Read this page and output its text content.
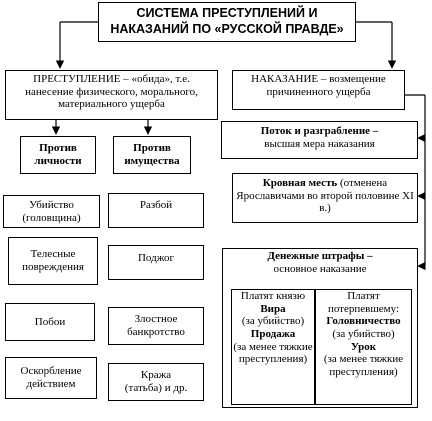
СИСТЕМА ПРЕСТУПЛЕНИЙ И
НАКАЗАНИЙ ПО «РУССКОЙ ПРАВДЕ»
ПРЕСТУПЛЕНИЕ – «обида», т.е. нанесение физического, морального, материального ущерба
НАКАЗАНИЕ – возмещение причиненного ущерба
Против
личности
Против
имущества
Убийство
(головщина)
Телесные
повреждения
Побои
Оскорбление
действием
Разбой
Поджог
Злостное
банкротство
Кража
(татьба) и др.
Поток и разграбление –
высшая мера наказания
Кровная месть (отменена Ярославичами во второй половине XI в.)
Денежные штрафы –
основное наказание
Платят князю
Вира
(за убийство)
Продажа
(за менее тяжкие преступления)
Платят потерпевшему:
Головничество
(за убийство)
Урок
(за менее тяжкие преступления)
